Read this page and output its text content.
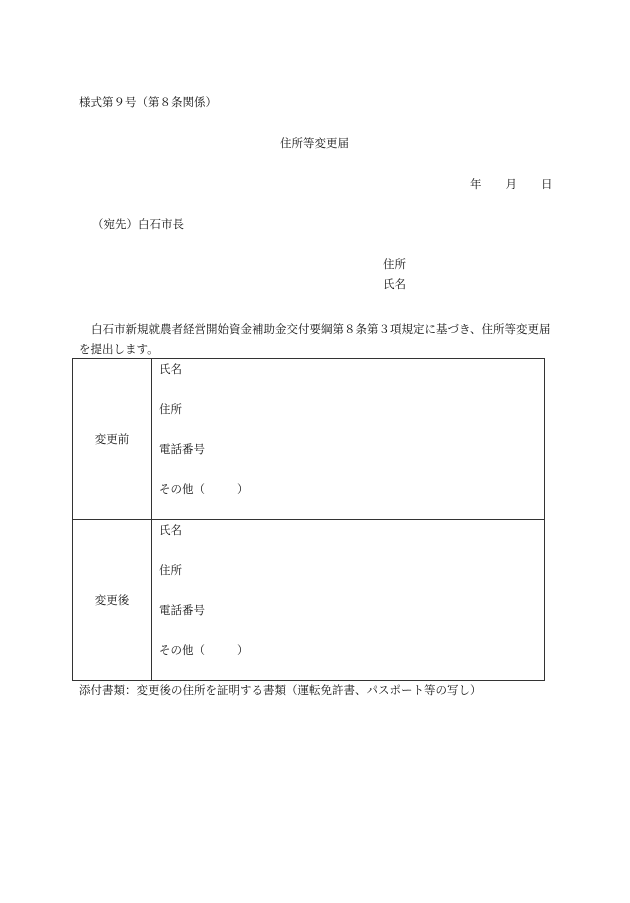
様式第９号（第８条関係）
住所等変更届
年 月 日
（宛先）白石市長
住所
氏名
白石市新規就農者経営開始資金補助金交付要綱第８条第３項規定に基づき、住所等変更届を提出します。
変更前	氏名
住所
電話番号
その他（ ）

変更後	氏名
住所
電話番号
その他（ ）
添付書類：変更後の住所を証明する書類（運転免許書、パスポート等の写し）
